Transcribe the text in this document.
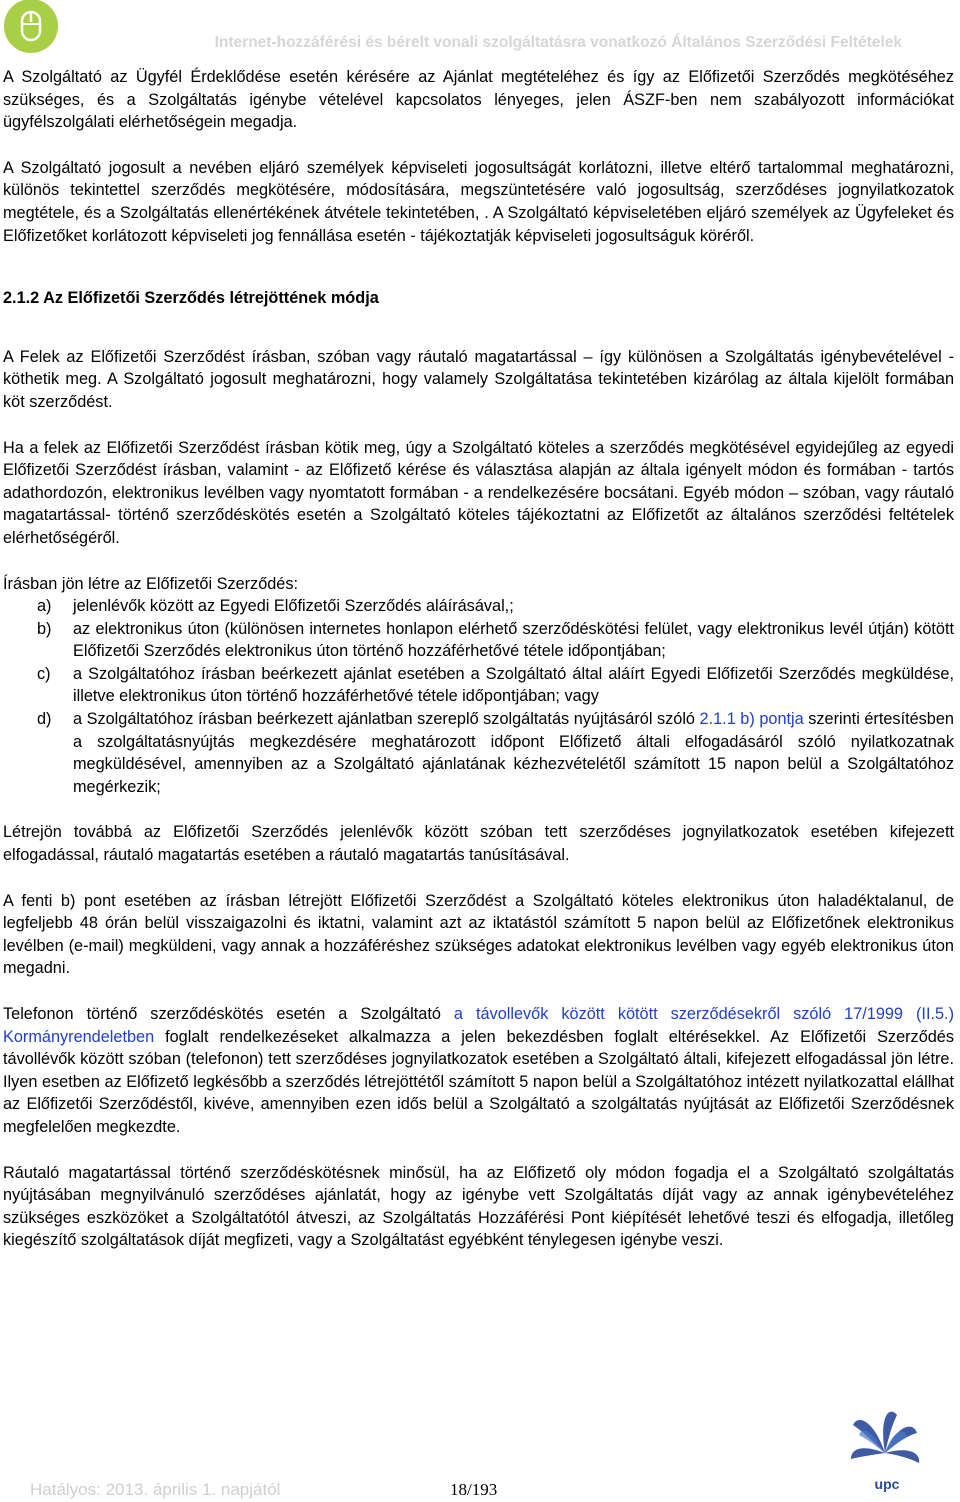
Internet-hozzáférési és bérelt vonali szolgáltatásra vonatkozó Általános Szerződési Feltételek

A Szolgáltató az Ügyfél Érdeklődése esetén kérésére az Ajánlat megtételéhez és így az Előfizetői Szerződés megkötéséhez szükséges, és a Szolgáltatás igénybe vételével kapcsolatos lényeges, jelen ÁSZF-ben nem szabályozott információkat ügyfélszolgálati elérhetőségein megadja.

A Szolgáltató jogosult a nevében eljáró személyek képviseleti jogosultságát korlátozni, illetve eltérő tartalommal meghatározni, különös tekintettel szerződés megkötésére, módosítására, megszüntetésére való jogosultság, szerződéses jognyilatkozatok megtétele, és a Szolgáltatás ellenértékének átvétele tekintetében, . A Szolgáltató képviseletében eljáró személyek az Ügyfeleket és Előfizetőket korlátozott képviseleti jog fennállása esetén - tájékoztatják képviseleti jogosultságuk köréről.

2.1.2 Az Előfizetői Szerződés létrejöttének módja

A Felek az Előfizetői Szerződést írásban, szóban vagy ráutaló magatartással – így különösen a Szolgáltatás igénybevételével - köthetik meg. A Szolgáltató jogosult meghatározni, hogy valamely Szolgáltatása tekintetében kizárólag az általa kijelölt formában köt szerződést.

Ha a felek az Előfizetői Szerződést írásban kötik meg, úgy a Szolgáltató köteles a szerződés megkötésével egyidejűleg az egyedi Előfizetői Szerződést írásban, valamint - az Előfizető kérése és választása alapján az általa igényelt módon és formában - tartós adathordozón, elektronikus levélben vagy nyomtatott formában - a rendelkezésére bocsátani. Egyéb módon – szóban, vagy ráutaló magatartással- történő szerződéskötés esetén a Szolgáltató köteles tájékoztatni az Előfizetőt az általános szerződési feltételek elérhetőségéről.

Írásban jön létre az Előfizetői Szerződés:

a) jelenlévők között az Egyedi Előfizetői Szerződés aláírásával,;
b) az elektronikus úton (különösen internetes honlapon elérhető szerződéskötési felület, vagy elektronikus levél útján) kötött Előfizetői Szerződés elektronikus úton történő hozzáférhetővé tétele időpontjában;
c) a Szolgáltatóhoz írásban beérkezett ajánlat esetében a Szolgáltató által aláírt Egyedi Előfizetői Szerződés megküldése, illetve elektronikus úton történő hozzáférhetővé tétele időpontjában; vagy
d) a Szolgáltatóhoz írásban beérkezett ajánlatban szereplő szolgáltatás nyújtásáról szóló 2.1.1 b) pontja szerinti értesítésben a szolgáltatásnyújtás megkezdésére meghatározott időpont Előfizető általi elfogadásáról szóló nyilatkozatnak megküldésével, amennyiben az a Szolgáltató ajánlatának kézhezvételétől számított 15 napon belül a Szolgáltatóhoz megérkezik;

Létrejön továbbá az Előfizetői Szerződés jelenlévők között szóban tett szerződéses jognyilatkozatok esetében kifejezett elfogadással, ráutaló magatartás esetében a ráutaló magatartás tanúsításával.

A fenti b) pont esetében az írásban létrejött Előfizetői Szerződést a Szolgáltató köteles elektronikus úton haladéktalanul, de legfeljebb 48 órán belül visszaigazolni és iktatni, valamint azt az iktatástól számított 5 napon belül az Előfizetőnek elektronikus levélben (e-mail) megküldeni, vagy annak a hozzáféréshez szükséges adatokat elektronikus levélben vagy egyéb elektronikus úton megadni.

Telefonon történő szerződéskötés esetén a Szolgáltató a távollevők között kötött szerződésekről szóló 17/1999 (II.5.) Kormányrendeletben foglalt rendelkezéseket alkalmazza a jelen bekezdésben foglalt eltérésekkel. Az Előfizetői Szerződés távollévők között szóban (telefonon) tett szerződéses jognyilatkozatok esetében a Szolgáltató általi, kifejezett elfogadással jön létre. Ilyen esetben az Előfizető legkésőbb a szerződés létrejöttétől számított 5 napon belül a Szolgáltatóhoz intézett nyilatkozattal elállhat az Előfizetői Szerződéstől, kivéve, amennyiben ezen idős belül a Szolgáltató a szolgáltatás nyújtását az Előfizetői Szerződésnek megfelelően megkezdte.

Ráutaló magatartással történő szerződéskötésnek minősül, ha az Előfizető oly módon fogadja el a Szolgáltató szolgáltatás nyújtásában megnyilvánuló szerződéses ajánlatát, hogy az igénybe vett Szolgáltatás díját vagy az annak igénybevételéhez szükséges eszközöket a Szolgáltatótól átveszi, az Szolgáltatás Hozzáférési Pont kiépítését lehetővé teszi és elfogadja, illetőleg kiegészítő szolgáltatások díját megfizeti, vagy a Szolgáltatást egyébként ténylegesen igénybe veszi.

upc
Hatályos: 2013. április 1. napjától	18/193
